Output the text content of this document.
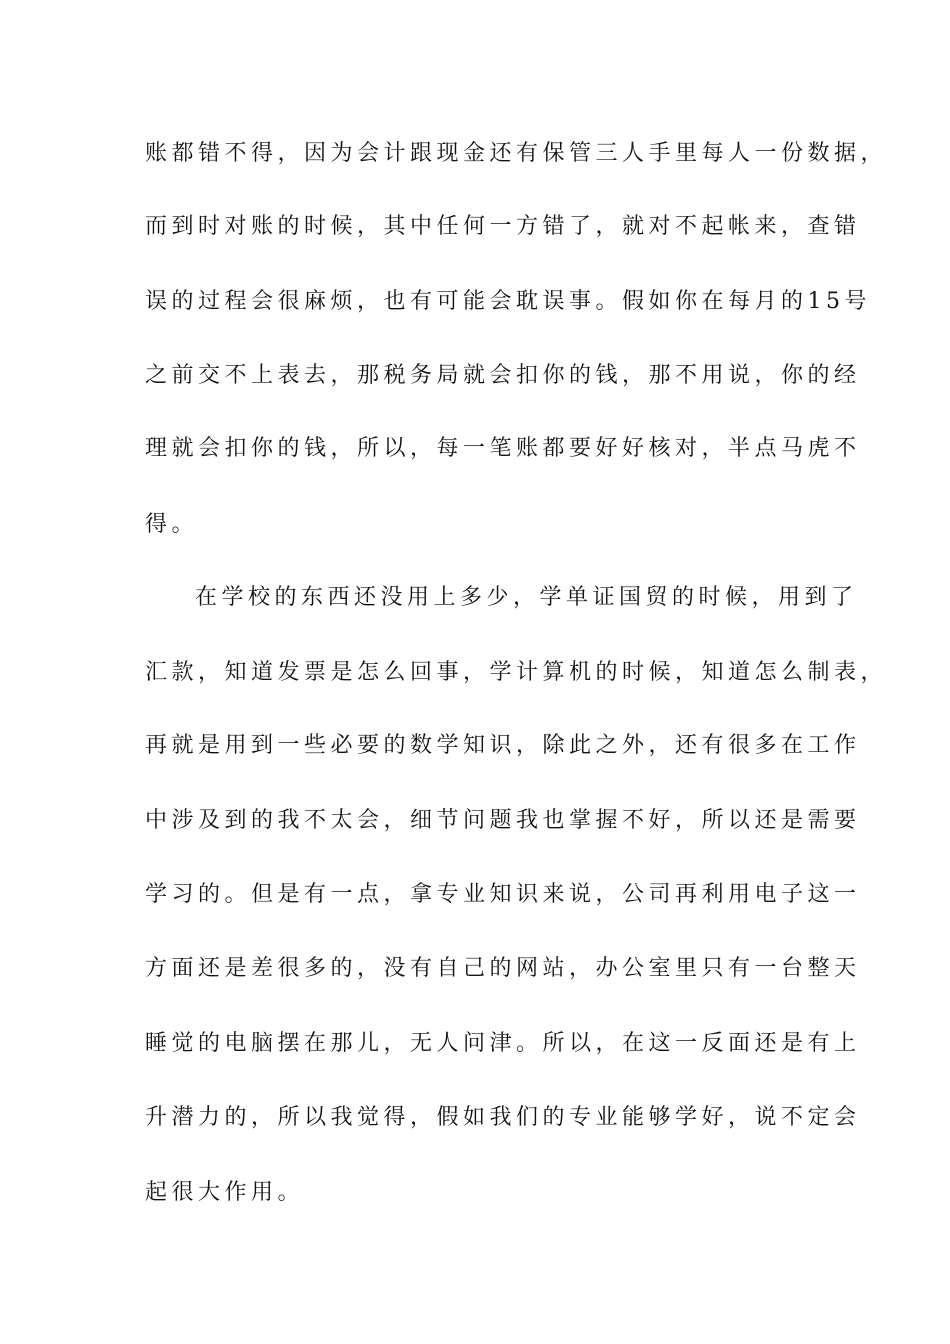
账都错不得，因为会计跟现金还有保管三人手里每人一份数据，
而到时对账的时候，其中任何一方错了，就对不起帐来，查错
误的过程会很麻烦，也有可能会耽误事。假如你在每月的15号
之前交不上表去，那税务局就会扣你的钱，那不用说，你的经
理就会扣你的钱，所以，每一笔账都要好好核对，半点马虎不
得。
在学校的东西还没用上多少，学单证国贸的时候，用到了
汇款，知道发票是怎么回事，学计算机的时候，知道怎么制表，
再就是用到一些必要的数学知识，除此之外，还有很多在工作
中涉及到的我不太会，细节问题我也掌握不好，所以还是需要
学习的。但是有一点，拿专业知识来说，公司再利用电子这一
方面还是差很多的，没有自己的网站，办公室里只有一台整天
睡觉的电脑摆在那儿，无人问津。所以，在这一反面还是有上
升潜力的，所以我觉得，假如我们的专业能够学好，说不定会
起很大作用。
